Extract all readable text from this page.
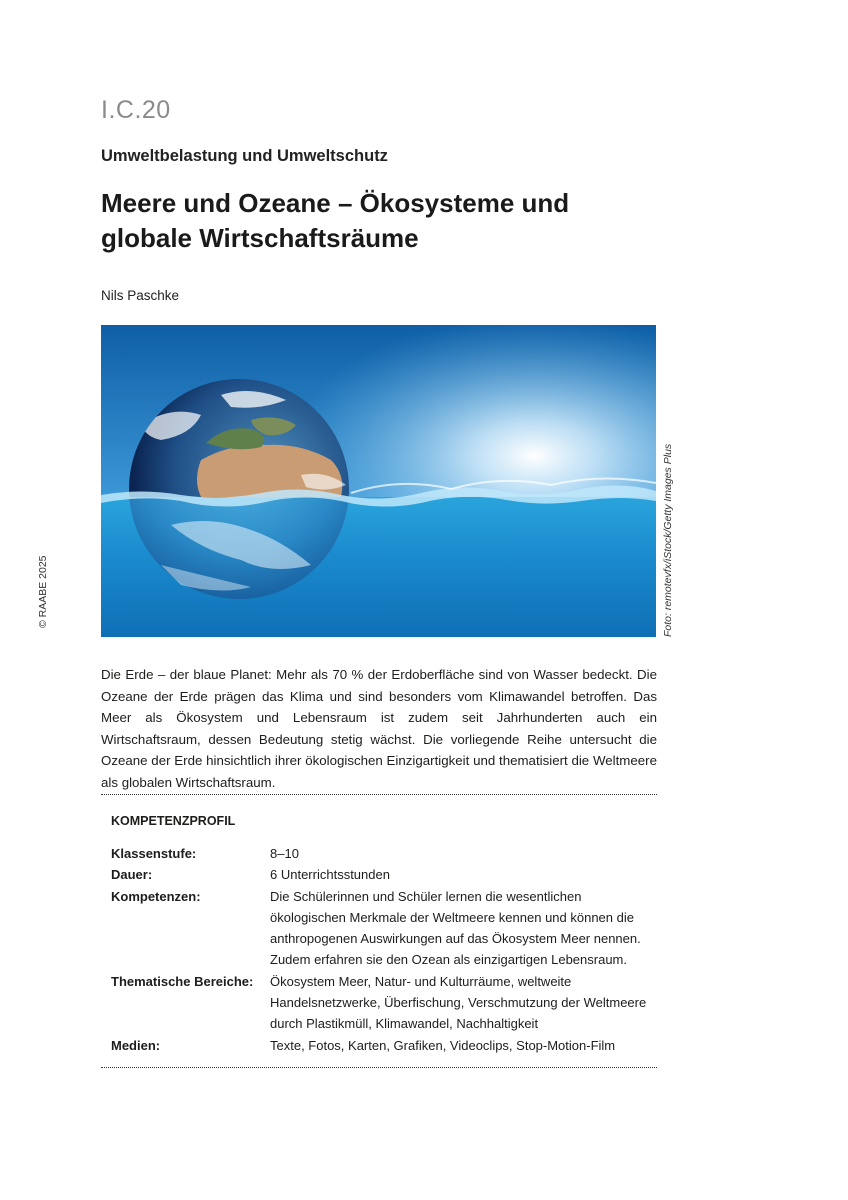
I.C.20
Umweltbelastung und Umweltschutz
Meere und Ozeane – Ökosysteme und globale Wirtschaftsräume
Nils Paschke
Foto: remotevfx/iStock/Getty Images Plus
© RAABE 2025

Die Erde – der blaue Planet: Mehr als 70 % der Erdoberfläche sind von Wasser bedeckt. Die Ozeane der Erde prägen das Klima und sind besonders vom Klimawandel betroffen. Das Meer als Ökosystem und Lebensraum ist zudem seit Jahrhunderten auch ein Wirtschaftsraum, dessen Bedeutung stetig wächst. Die vorliegende Reihe untersucht die Ozeane der Erde hinsichtlich ihrer ökologischen Einzigartigkeit und thematisiert die Weltmeere als globalen Wirtschaftsraum.

KOMPETENZPROFIL
Klassenstufe:	8–10
Dauer:	6 Unterrichtsstunden
Kompetenzen:	Die Schülerinnen und Schüler lernen die wesentlichen ökologischen Merkmale der Weltmeere kennen und können die anthropogenen Auswirkungen auf das Ökosystem Meer nennen. Zudem erfahren sie den Ozean als einzigartigen Lebensraum.
Thematische Bereiche:	Ökosystem Meer, Natur- und Kulturräume, weltweite Handelsnetzwerke, Überfischung, Verschmutzung der Weltmeere durch Plastikmüll, Klimawandel, Nachhaltigkeit
Medien:	Texte, Fotos, Karten, Grafiken, Videoclips, Stop-Motion-Film
